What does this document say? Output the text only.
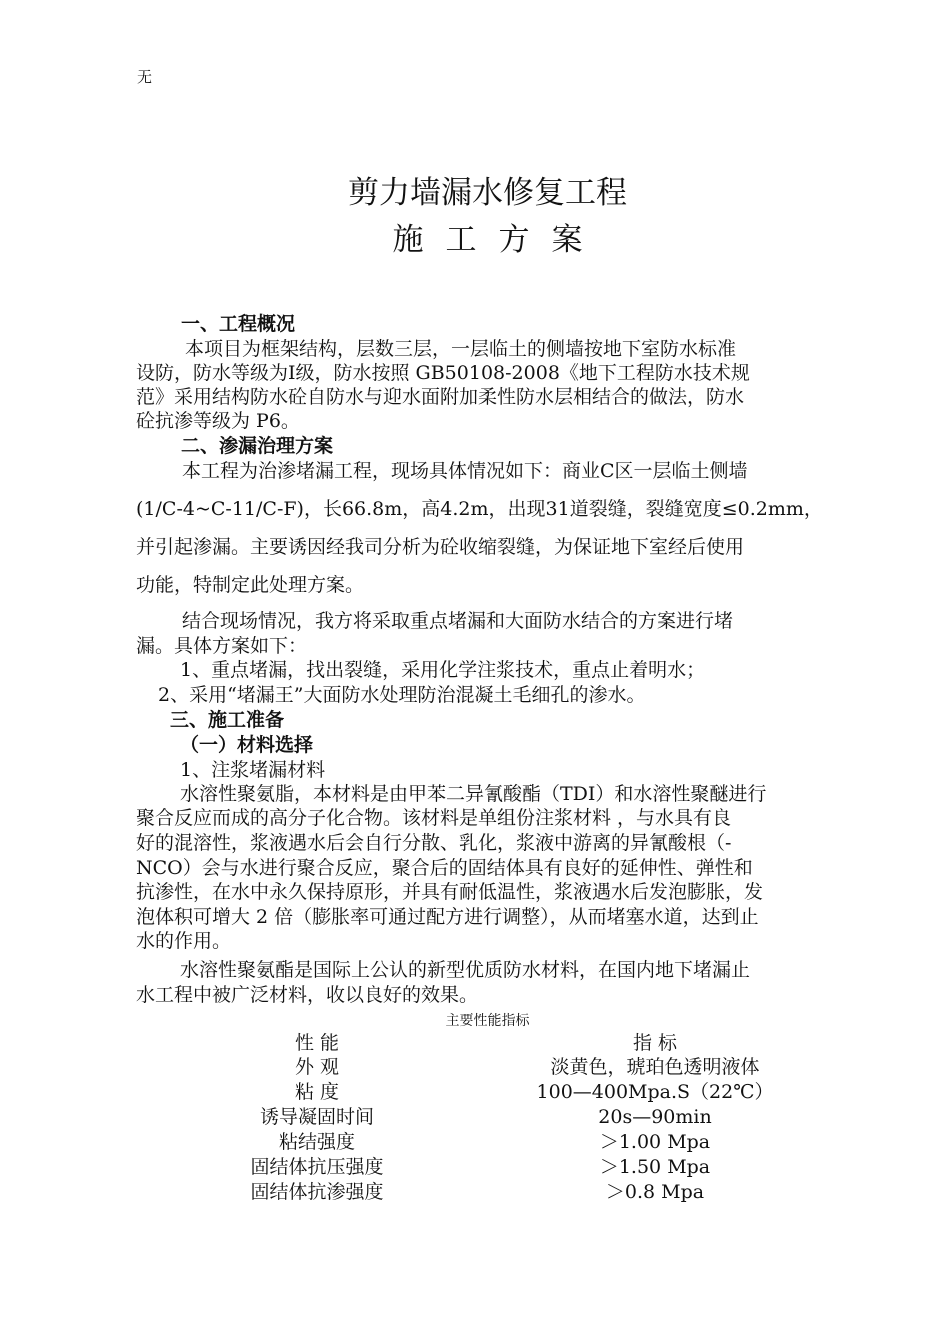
无
剪力墙漏水修复工程
施工方案
一、工程概况
本项目为框架结构，层数三层，一层临土的侧墙按地下室防水标准
设防，防水等级为Ⅰ级，防水按照 GB50108-2008《地下工程防水技术规
范》采用结构防水砼自防水与迎水面附加柔性防水层相结合的做法，防水
砼抗渗等级为 P6。
二、渗漏治理方案
本工程为治渗堵漏工程，现场具体情况如下：商业C区一层临土侧墙
(1/C-4~C-11/C-F)，长66.8m，高4.2m，出现31道裂缝，裂缝宽度≤0.2mm，
并引起渗漏。主要诱因经我司分析为砼收缩裂缝，为保证地下室经后使用
功能，特制定此处理方案。
结合现场情况，我方将采取重点堵漏和大面防水结合的方案进行堵
漏。具体方案如下：
1、重点堵漏，找出裂缝，采用化学注浆技术，重点止着明水；
2、采用“堵漏王”大面防水处理防治混凝土毛细孔的渗水。
三、施工准备
（一）材料选择
1、注浆堵漏材料
水溶性聚氨脂，本材料是由甲苯二异氰酸酯（TDI）和水溶性聚醚进行
聚合反应而成的高分子化合物。该材料是单组份注浆材料 ，与水具有良
好的混溶性，浆液遇水后会自行分散、乳化，浆液中游离的异氰酸根（-
NCO）会与水进行聚合反应，聚合后的固结体具有良好的延伸性、弹性和
抗渗性，在水中永久保持原形，并具有耐低温性，浆液遇水后发泡膨胀，发
泡体积可增大 2 倍（膨胀率可通过配方进行调整），从而堵塞水道，达到止
水的作用。
水溶性聚氨酯是国际上公认的新型优质防水材料，在国内地下堵漏止
水工程中被广泛材料，收以良好的效果。
主要性能指标
性 能	指 标
外 观	淡黄色，琥珀色透明液体
粘 度	100—400Mpa.S（22℃）
诱导凝固时间	20s—90min
粘结强度	＞1.00 Mpa
固结体抗压强度	＞1.50 Mpa
固结体抗渗强度	＞0.8 Mpa
